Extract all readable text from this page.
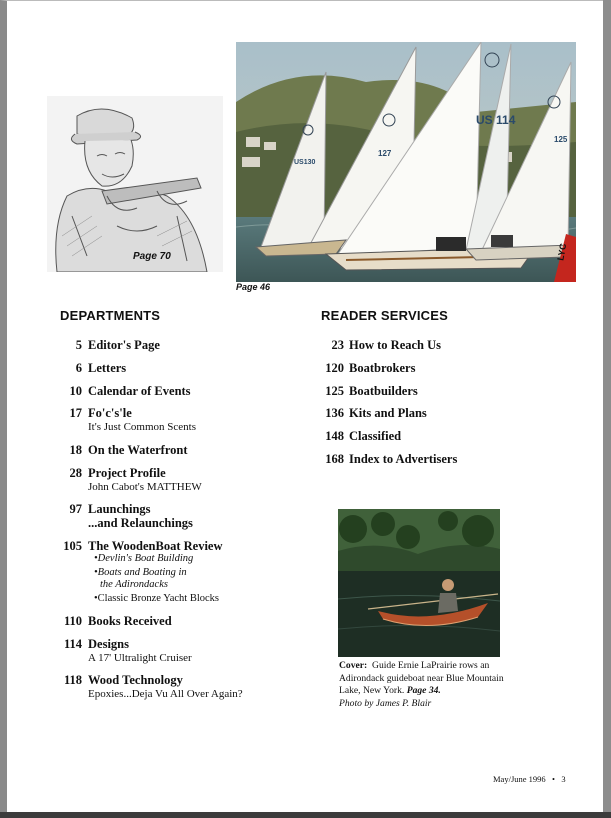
Page 70
US 114
US130
127
125
LYC
Page 46
DEPARTMENTS	READER SERVICES
5 Editor's Page
6 Letters
10 Calendar of Events
17 Fo'c's'le
It's Just Common Scents
18 On the Waterfront
28 Project Profile
John Cabot's MATTHEW
97 Launchings
...and Relaunchings
105 The WoodenBoat Review
•Devlin's Boat Building
•Boats and Boating in
the Adirondacks
•Classic Bronze Yacht Blocks
110 Books Received
114 Designs
A 17' Ultralight Cruiser
118 Wood Technology
Epoxies...Deja Vu All Over Again?
23 How to Reach Us
120 Boatbrokers
125 Boatbuilders
136 Kits and Plans
148 Classified
168 Index to Advertisers
Cover: Guide Ernie LaPrairie rows an Adirondack guideboat near Blue Mountain Lake, New York. Page 34.
Photo by James P. Blair
May/June 1996 • 3
